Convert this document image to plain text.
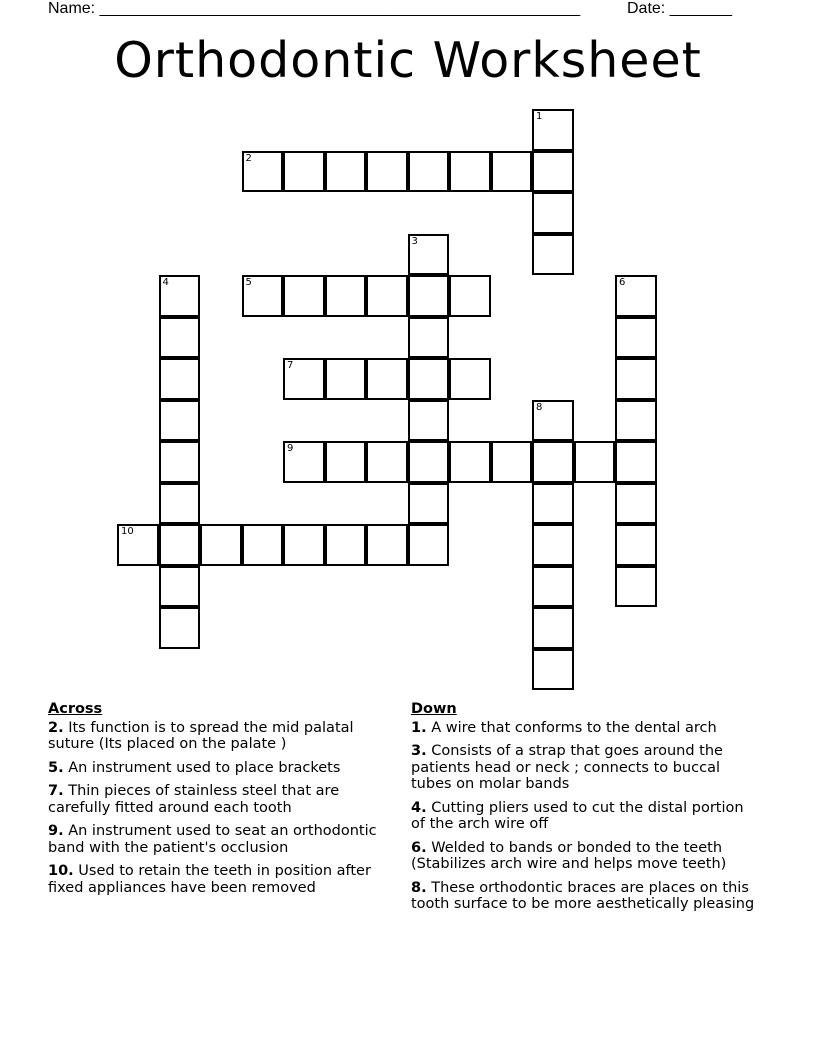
Name: ______________________________________________________	Date: _______
Orthodontic Worksheet
1
2
3
4	5	6
7
8
9
10
Across
2. Its function is to spread the mid palatal suture (Its placed on the palate )
5. An instrument used to place brackets
7. Thin pieces of stainless steel that are carefully fitted around each tooth
9. An instrument used to seat an orthodontic band with the patient's occlusion
10. Used to retain the teeth in position after fixed appliances have been removed
Down
1. A wire that conforms to the dental arch
3. Consists of a strap that goes around the patients head or neck ; connects to buccal tubes on molar bands
4. Cutting pliers used to cut the distal portion of the arch wire off
6. Welded to bands or bonded to the teeth (Stabilizes arch wire and helps move teeth)
8. These orthodontic braces are places on this tooth surface to be more aesthetically pleasing
